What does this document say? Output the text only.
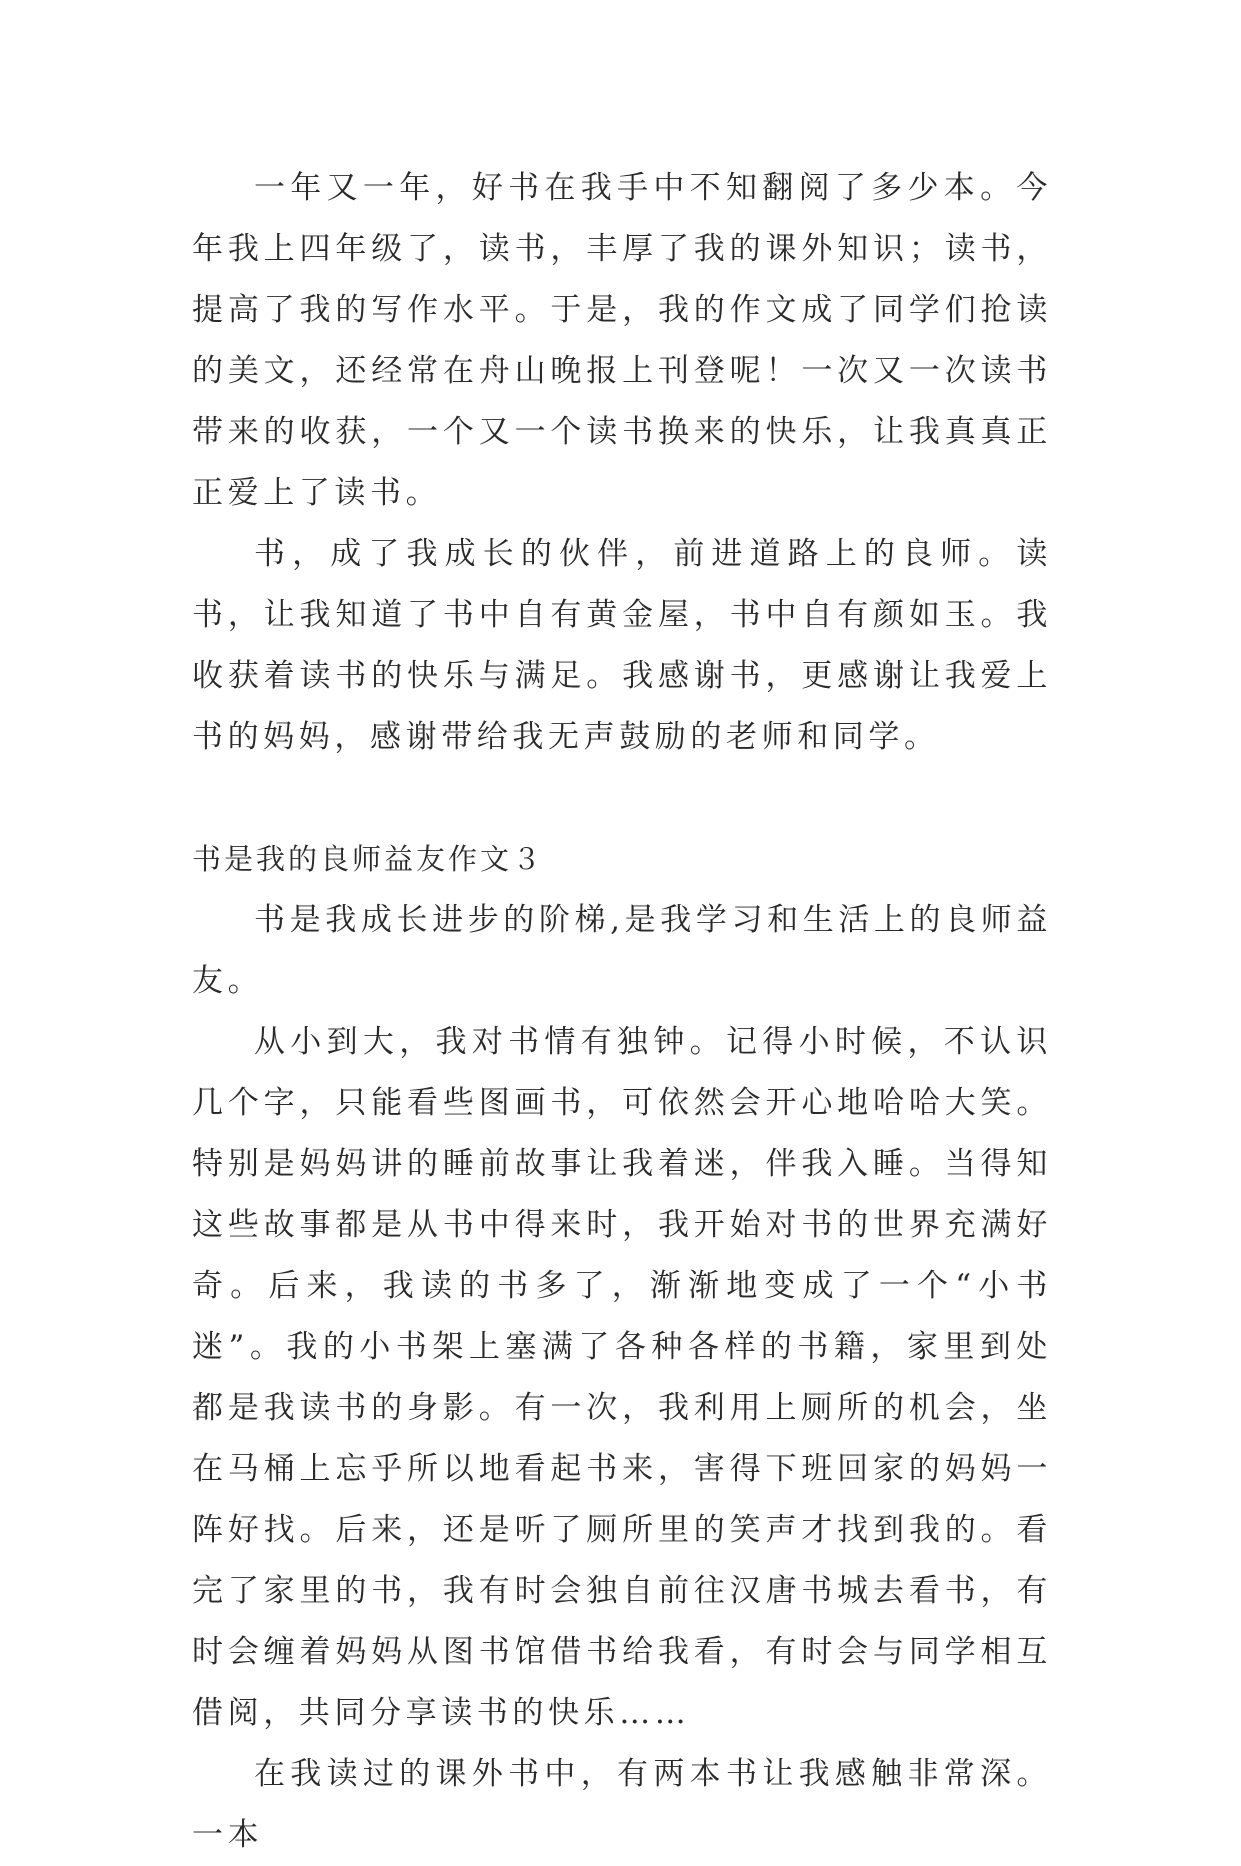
一年又一年，好书在我手中不知翻阅了多少本。今年我上四年级了，读书，丰厚了我的课外知识；读书，提高了我的写作水平。于是，我的作文成了同学们抢读的美文，还经常在舟山晚报上刊登呢！一次又一次读书带来的收获，一个又一个读书换来的快乐，让我真真正正爱上了读书。

书，成了我成长的伙伴，前进道路上的良师。读书，让我知道了书中自有黄金屋，书中自有颜如玉。我收获着读书的快乐与满足。我感谢书，更感谢让我爱上书的妈妈，感谢带给我无声鼓励的老师和同学。

书是我的良师益友作文３

书是我成长进步的阶梯,是我学习和生活上的良师益友。

从小到大，我对书情有独钟。记得小时候，不认识几个字，只能看些图画书，可依然会开心地哈哈大笑。特别是妈妈讲的睡前故事让我着迷，伴我入睡。当得知这些故事都是从书中得来时，我开始对书的世界充满好奇。后来，我读的书多了，渐渐地变成了一个“小书迷”。我的小书架上塞满了各种各样的书籍，家里到处都是我读书的身影。有一次，我利用上厕所的机会，坐在马桶上忘乎所以地看起书来，害得下班回家的妈妈一阵好找。后来，还是听了厕所里的笑声才找到我的。看完了家里的书，我有时会独自前往汉唐书城去看书，有时会缠着妈妈从图书馆借书给我看，有时会与同学相互借阅，共同分享读书的快乐……

在我读过的课外书中，有两本书让我感触非常深。一本
